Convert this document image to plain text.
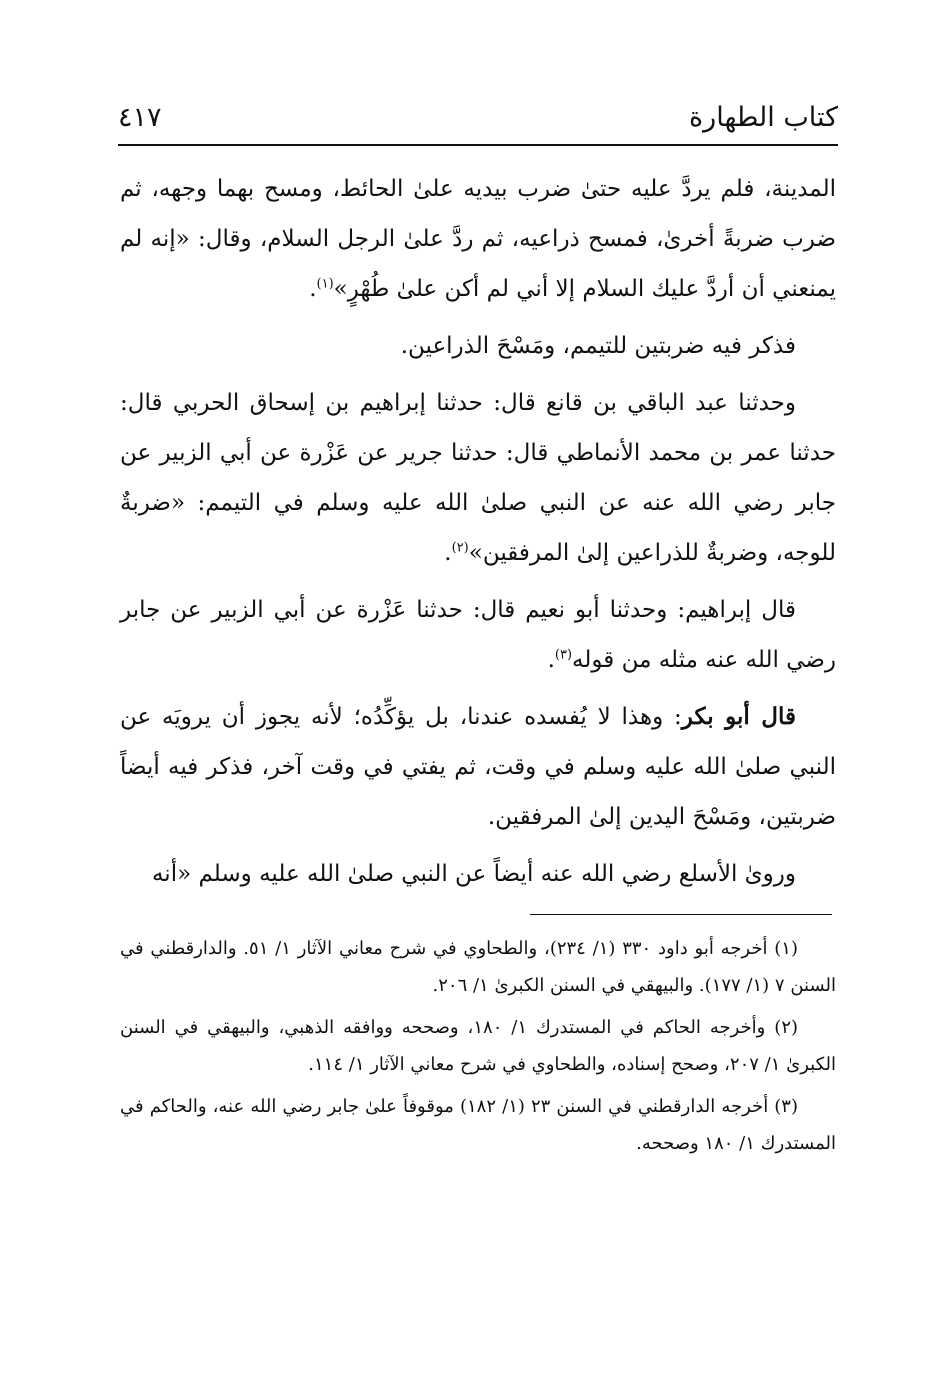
كتاب الطهارة
٤١٧

المدينة، فلم يردَّ عليه حتىٰ ضرب بيديه علىٰ الحائط، ومسح بهما وجهه، ثم ضرب ضربةً أخرىٰ، فمسح ذراعيه، ثم ردَّ علىٰ الرجل السلام، وقال: «إنه لم يمنعني أن أردَّ عليك السلام إلا أني لم أكن علىٰ طُهْرٍ»$^{(١)}$.

فذكر فيه ضربتين للتيمم، ومَسْحَ الذراعين.

وحدثنا عبد الباقي بن قانع قال: حدثنا إبراهيم بن إسحاق الحربي قال: حدثنا عمر بن محمد الأنماطي قال: حدثنا جرير عن عَزْرة عن أبي الزبير عن جابر رضي الله عنه عن النبي صلىٰ الله عليه وسلم في التيمم: «ضربةٌ للوجه، وضربةٌ للذراعين إلىٰ المرفقين»$^{(٢)}$.

قال إبراهيم: وحدثنا أبو نعيم قال: حدثنا عَزْرة عن أبي الزبير عن جابر رضي الله عنه مثله من قوله$^{(٣)}$.

قال أبو بكر: وهذا لا يُفسده عندنا، بل يؤكِّدُه؛ لأنه يجوز أن يرويَه عن النبي صلىٰ الله عليه وسلم في وقت، ثم يفتي في وقت آخر، فذكر فيه أيضاً ضربتين، ومَسْحَ اليدين إلىٰ المرفقين.

وروىٰ الأسلع رضي الله عنه أيضاً عن النبي صلىٰ الله عليه وسلم «أنه

(١) أخرجه أبو داود ٣٣٠ (١/ ٢٣٤)، والطحاوي في شرح معاني الآثار ١/ ٥١. والدارقطني في السنن ٧ (١/ ١٧٧). والبيهقي في السنن الكبرىٰ ١/ ٢٠٦.

(٢) وأخرجه الحاكم في المستدرك ١/ ١٨٠، وصححه ووافقه الذهبي، والبيهقي في السنن الكبرىٰ ١/ ٢٠٧، وصحح إسناده، والطحاوي في شرح معاني الآثار ١/ ١١٤.

(٣) أخرجه الدارقطني في السنن ٢٣ (١/ ١٨٢) موقوفاً علىٰ جابر رضي الله عنه، والحاكم في المستدرك ١/ ١٨٠ وصححه.
